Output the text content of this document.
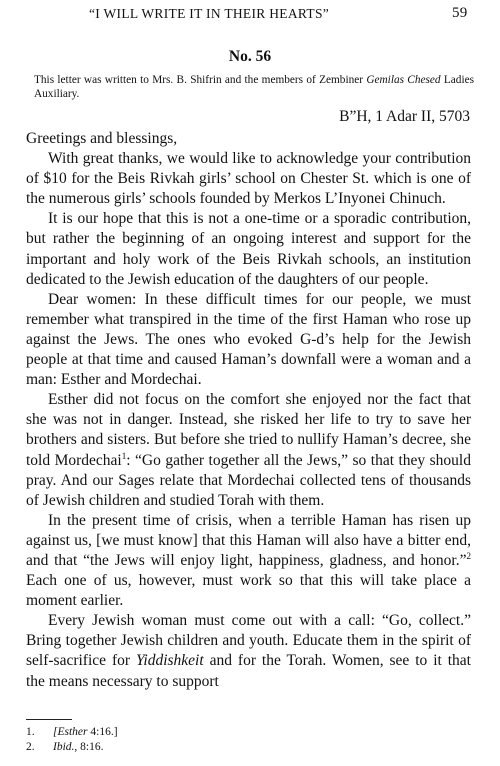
“I WILL WRITE IT IN THEIR HEARTS”	59
No. 56
This letter was written to Mrs. B. Shifrin and the members of Zembiner Gemilas Chesed Ladies Auxiliary.
B”H, 1 Adar II, 5703

Greetings and blessings,

With great thanks, we would like to acknowledge your contribution of $10 for the Beis Rivkah girls’ school on Chester St. which is one of the numerous girls’ schools founded by Merkos L’Inyonei Chinuch.

It is our hope that this is not a one-time or a sporadic contribution, but rather the beginning of an ongoing interest and support for the important and holy work of the Beis Rivkah schools, an institution dedicated to the Jewish education of the daughters of our people.

Dear women: In these difficult times for our people, we must remember what transpired in the time of the first Haman who rose up against the Jews. The ones who evoked G-d’s help for the Jewish people at that time and caused Haman’s downfall were a woman and a man: Esther and Mordechai.

Esther did not focus on the comfort she enjoyed nor the fact that she was not in danger. Instead, she risked her life to try to save her brothers and sisters. But before she tried to nullify Haman’s decree, she told Mordechai$^1$: “Go gather together all the Jews,” so that they should pray. And our Sages relate that Mordechai collected tens of thousands of Jewish children and studied Torah with them.

In the present time of crisis, when a terrible Haman has risen up against us, [we must know] that this Haman will also have a bitter end, and that “the Jews will enjoy light, happiness, gladness, and honor.”$^2$ Each one of us, however, must work so that this will take place a moment earlier.

Every Jewish woman must come out with a call: “Go, collect.” Bring together Jewish children and youth. Educate them in the spirit of self-sacrifice for Yiddishkeit and for the Torah. Women, see to it that the means necessary to support

1.	[Esther 4:16.]
2.	Ibid., 8:16.
